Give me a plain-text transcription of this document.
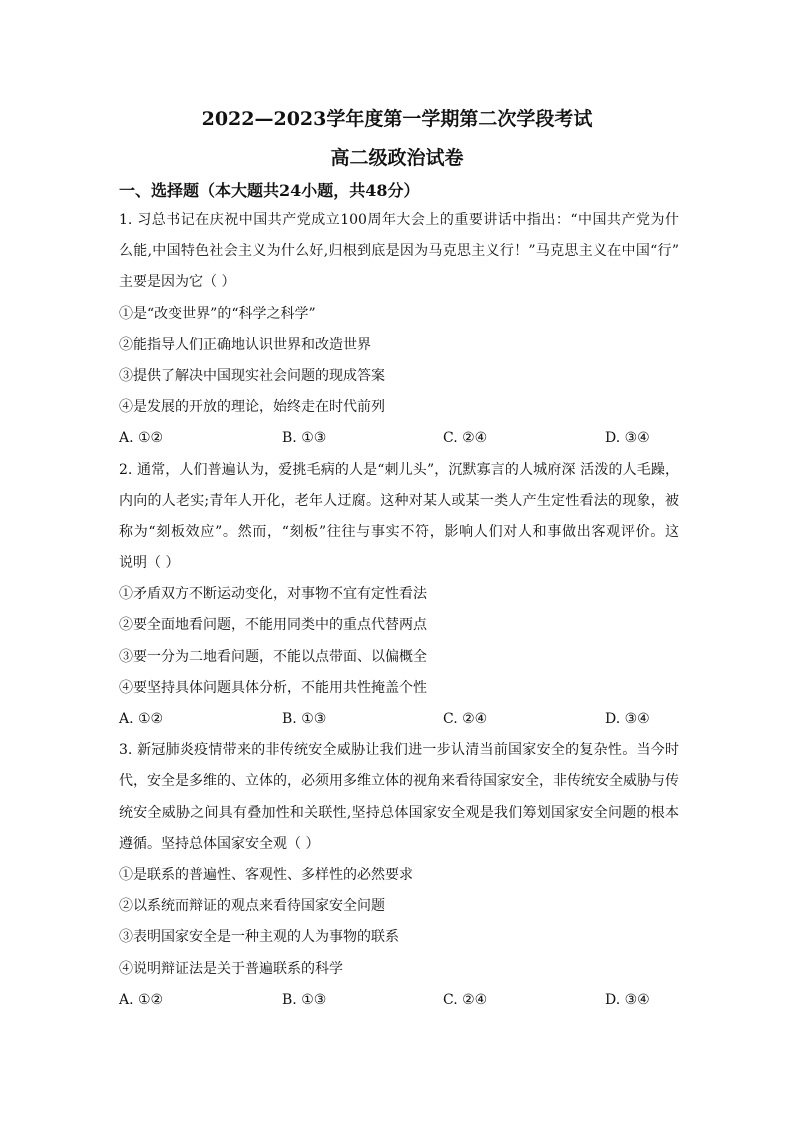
2022—2023学年度第一学期第二次学段考试
高二级政治试卷
一、选择题（本大题共24小题，共48分）
1. 习总书记在庆祝中国共产党成立100周年大会上的重要讲话中指出：“中国共产党为什
么能,中国特色社会主义为什么好,归根到底是因为马克思主义行！”马克思主义在中国“行”
主要是因为它（ ）
①是“改变世界”的“科学之科学”
②能指导人们正确地认识世界和改造世界
③提供了解决中国现实社会问题的现成答案
④是发展的开放的理论，始终走在时代前列
A. ①②	B. ①③	C. ②④	D. ③④
2. 通常，人们普遍认为，爱挑毛病的人是“刺儿头”，沉默寡言的人城府深 活泼的人毛躁，
内向的人老实;青年人开化，老年人迂腐。这种对某人或某一类人产生定性看法的现象，被
称为“刻板效应”。然而，“刻板”往往与事实不符，影响人们对人和事做出客观评价。这
说明（ ）
①矛盾双方不断运动变化，对事物不宜有定性看法
②要全面地看问题，不能用同类中的重点代替两点
③要一分为二地看问题，不能以点带面、以偏概全
④要坚持具体问题具体分析，不能用共性掩盖个性
A. ①②	B. ①③	C. ②④	D. ③④
3. 新冠肺炎疫情带来的非传统安全威胁让我们进一步认清当前国家安全的复杂性。当今时
代，安全是多维的、立体的，必须用多维立体的视角来看待国家安全，非传统安全威胁与传
统安全威胁之间具有叠加性和关联性,坚持总体国家安全观是我们筹划国家安全问题的根本
遵循。坚持总体国家安全观（ ）
①是联系的普遍性、客观性、多样性的必然要求
②以系统而辩证的观点来看待国家安全问题
③表明国家安全是一种主观的人为事物的联系
④说明辩证法是关于普遍联系的科学
A. ①②	B. ①③	C. ②④	D. ③④
